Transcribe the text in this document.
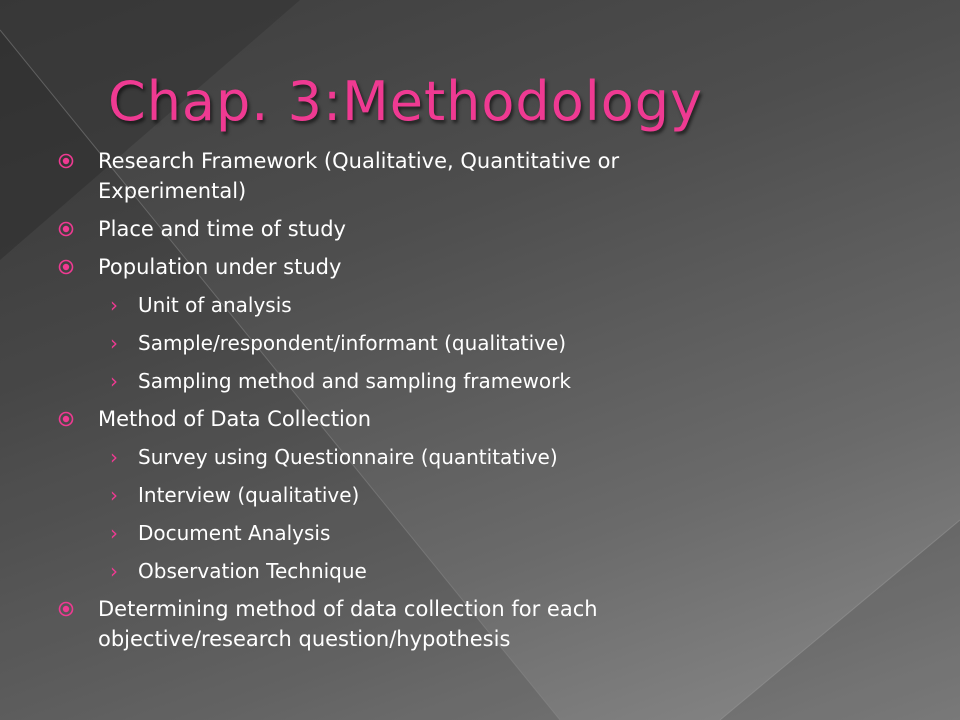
Chap. 3:Methodology
Research Framework (Qualitative, Quantitative or Experimental)
Place and time of study
Population under study
› Unit of analysis
› Sample/respondent/informant (qualitative)
› Sampling method and sampling framework
Method of Data Collection
› Survey using Questionnaire (quantitative)
› Interview (qualitative)
› Document Analysis
› Observation Technique
Determining method of data collection for each objective/research question/hypothesis
